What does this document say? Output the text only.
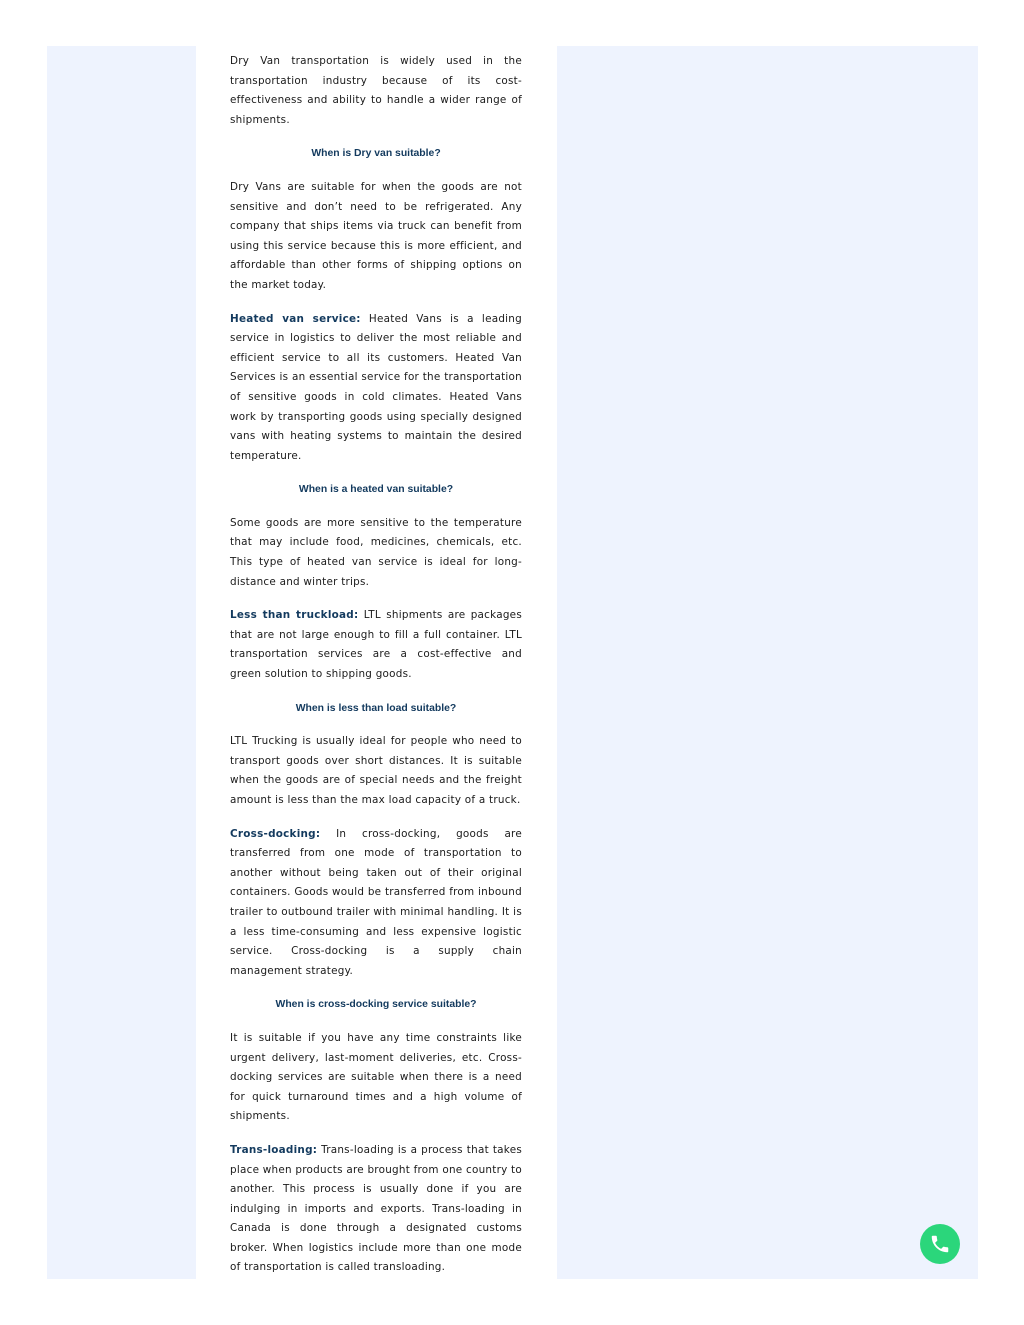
Dry Van transportation is widely used in the transportation industry because of its cost-effectiveness and ability to handle a wider range of shipments.

When is Dry van suitable?

Dry Vans are suitable for when the goods are not sensitive and don’t need to be refrigerated. Any company that ships items via truck can benefit from using this service because this is more efficient, and affordable than other forms of shipping options on the market today.

Heated van service: Heated Vans is a leading service in logistics to deliver the most reliable and efficient service to all its customers. Heated Van Services is an essential service for the transportation of sensitive goods in cold climates. Heated Vans work by transporting goods using specially designed vans with heating systems to maintain the desired temperature.

When is a heated van suitable?

Some goods are more sensitive to the temperature that may include food, medicines, chemicals, etc. This type of heated van service is ideal for long-distance and winter trips.

Less than truckload: LTL shipments are packages that are not large enough to fill a full container. LTL transportation services are a cost-effective and green solution to shipping goods.

When is less than load suitable?

LTL Trucking is usually ideal for people who need to transport goods over short distances. It is suitable when the goods are of special needs and the freight amount is less than the max load capacity of a truck.

Cross-docking: In cross-docking, goods are transferred from one mode of transportation to another without being taken out of their original containers. Goods would be transferred from inbound trailer to outbound trailer with minimal handling. It is a less time-consuming and less expensive logistic service. Cross-docking is a supply chain management strategy.

When is cross-docking service suitable?

It is suitable if you have any time constraints like urgent delivery, last-moment deliveries, etc. Cross-docking services are suitable when there is a need for quick turnaround times and a high volume of shipments.

Trans-loading: Trans-loading is a process that takes place when products are brought from one country to another. This process is usually done if you are indulging in imports and exports. Trans-loading in Canada is done through a designated customs broker. When logistics include more than one mode of transportation is called transloading.
